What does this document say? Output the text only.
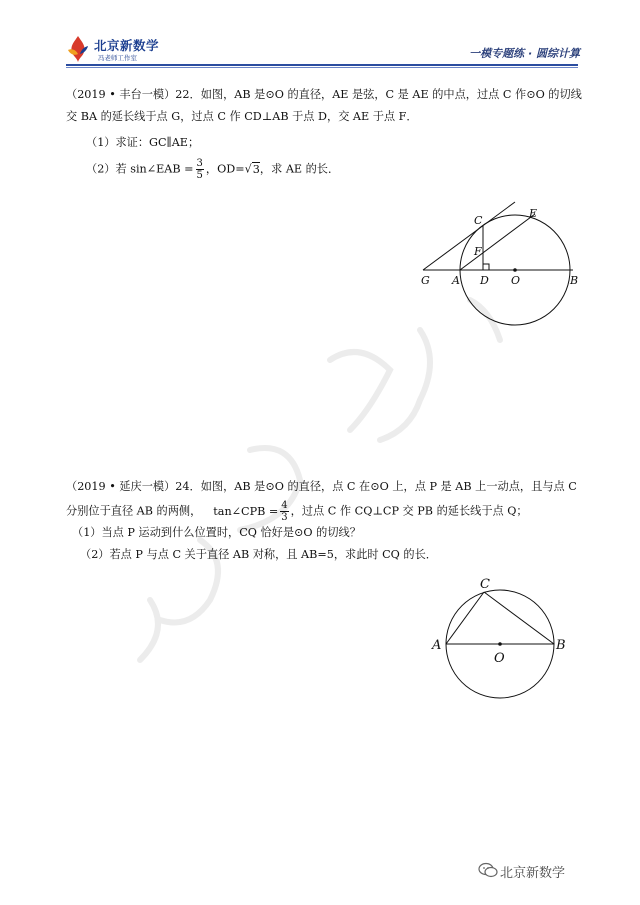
北京新数学
冯老师工作室	一模专题练 · 圆综计算
（2019 • 丰台一模）22．如图，AB 是⊙O 的直径，AE 是弦，C 是 AE 的中点，过点 C 作⊙O 的切线
交 BA 的延长线于点 G，过点 C 作 CD⊥AB 于点 D，交 AE 于点 F．
（1）求证：GC∥AE；
（2）若 sin∠EAB = $\frac{3}{5}$ ，OD=√3，求 AE 的长．
C
E
F
G A D O	B
（2019 • 延庆一模）24．如图，AB 是⊙O 的直径，点 C 在⊙O 上，点 P 是 AB 上一动点，且与点 C
分别位于直径 AB 的两侧， tan∠CPB = $\frac{4}{3}$ ，过点 C 作 CQ⊥CP 交 PB 的延长线于点 Q；
（1）当点 P 运动到什么位置时，CQ 恰好是⊙O 的切线？
（2）若点 P 与点 C 关于直径 AB 对称，且 AB=5，求此时 CQ 的长．
C
A
O
B
北京新数学
